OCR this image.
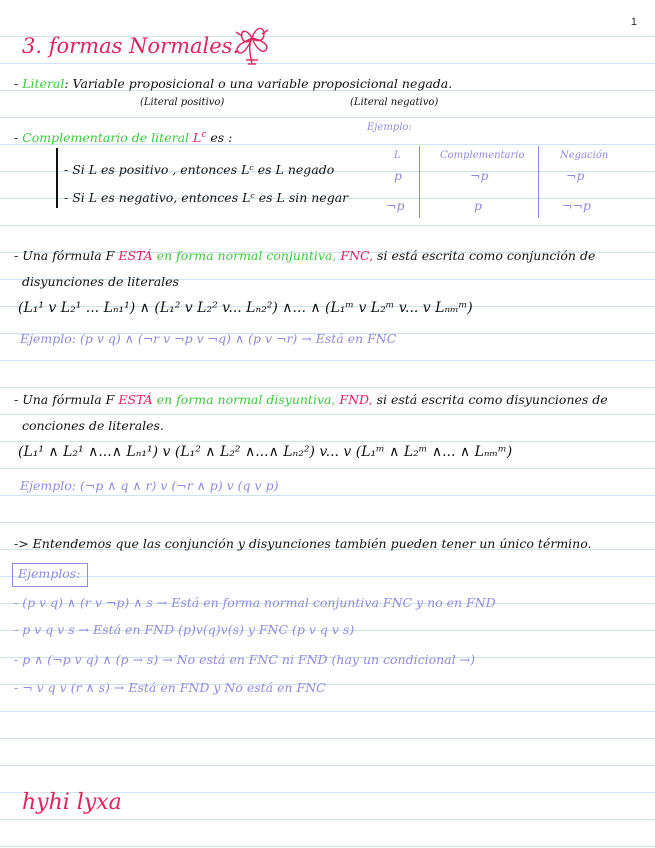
1
3. formas Normales.
- Literal: Variable proposicional o una variable proposicional negada.
(Literal positivo)	(Literal negativo)
- Complementario de literal $L^c$ es :
Ejemplo:
- Si L es positivo , entonces Lᶜ es L negado
- Si L es negativo, entonces Lᶜ es L sin negar
L	Complementario	Negación
p	¬p	¬p
¬p	p	¬¬p
- Una fórmula F ESTÁ en forma normal conjuntiva, FNC, si está escrita como conjunción de
disyunciones de literales
(L₁¹ v L₂¹ ... Lₙ₁¹) ∧ (L₁² v L₂² v... Lₙ₂²) ∧... ∧ (L₁ᵐ v L₂ᵐ v... v Lₙₘᵐ)
Ejemplo: (p v q) ∧ (¬r v ¬p v ¬q) ∧ (p v ¬r) → Está en FNC
- Una fórmula F ESTÁ en forma normal disyuntiva, FND, si está escrita como disyunciones de
conciones de literales.
(L₁¹ ∧ L₂¹ ∧...∧ Lₙ₁¹) v (L₁² ∧ L₂² ∧...∧ Lₙ₂²) v... v (L₁ᵐ ∧ L₂ᵐ ∧... ∧ Lₙₘᵐ)
Ejemplo: (¬p ∧ q ∧ r) v (¬r ∧ p) v (q v p)
-> Entendemos que las conjunción y disyunciones también pueden tener un único término.
Ejemplos:
- (p v q) ∧ (r v ¬p) ∧ s → Está en forma normal conjuntiva FNC y no en FND
- p v q v s → Está en FND (p)v(q)v(s) y FNC (p v q v s)
- p ∧ (¬p v q) ∧ (p → s) → No está en FNC ni FND (hay un condicional →)
- ¬ v q v (r ∧ s) → Está en FND y No está en FNC
hyhi lyxa
